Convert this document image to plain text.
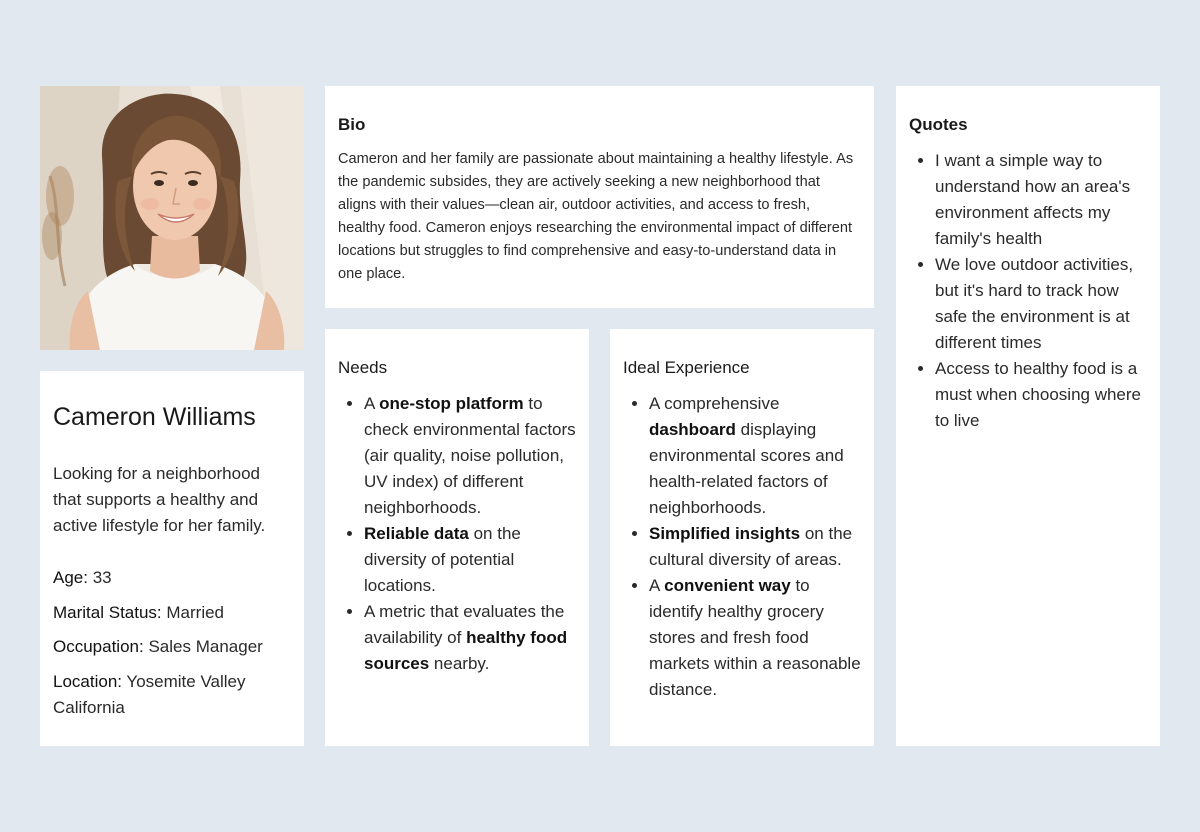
Cameron Williams
Looking for a neighborhood that supports a healthy and active lifestyle for her family.
Age: 33
Marital Status: Married
Occupation: Sales Manager
Location: Yosemite Valley California
Bio
Cameron and her family are passionate about maintaining a healthy lifestyle. As the pandemic subsides, they are actively seeking a new neighborhood that aligns with their values—clean air, outdoor activities, and access to fresh, healthy food. Cameron enjoys researching the environmental impact of different locations but struggles to find comprehensive and easy-to-understand data in one place.
Needs
• A one-stop platform to check environmental factors (air quality, noise pollution, UV index) of different neighborhoods.
• Reliable data on the diversity of potential locations.
• A metric that evaluates the availability of healthy food sources nearby.
Ideal Experience
• A comprehensive dashboard displaying environmental scores and health-related factors of neighborhoods.
• Simplified insights on the cultural diversity of areas.
• A convenient way to identify healthy grocery stores and fresh food markets within a reasonable distance.
Quotes
• I want a simple way to understand how an area's environment affects my family's health
• We love outdoor activities, but it's hard to track how safe the environment is at different times
• Access to healthy food is a must when choosing where to live
